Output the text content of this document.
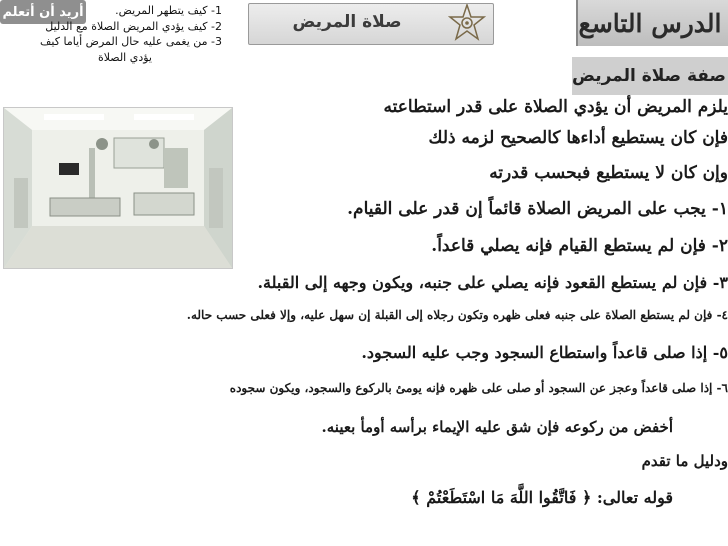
أريد أن أتعلم	1- كيف يتطهر المريض.
2- كيف يؤدي المريض الصلاة مع الدليل
3- من يغمى عليه حال المرض أياما كيف
يؤدي الصلاة
صلاة المريض	الدرس التاسع
صفة صلاة المريض
يلزم المريض أن يؤدي الصلاة على قدر استطاعته
فإن كان يستطيع أداءها كالصحيح لزمه ذلك
وإن كان لا يستطيع فبحسب قدرته
١- يجب على المريض الصلاة قائماً إن قدر على القيام.
٢- فإن لم يستطع القيام فإنه يصلي قاعداً.
٣- فإن لم يستطع القعود فإنه يصلي على جنبه، ويكون وجهه إلى القبلة.
٤- فإن لم يستطع الصلاة على جنبه فعلى ظهره وتكون رجلاه إلى القبلة إن سهل عليه، وإلا فعلى حسب حاله.
٥- إذا صلى قاعداً واستطاع السجود وجب عليه السجود.
٦- إذا صلى قاعداً وعجز عن السجود أو صلى على ظهره فإنه يومئ بالركوع والسجود، ويكون سجوده
أخفض من ركوعه فإن شق عليه الإيماء برأسه أومأ بعينه.
ودليل ما تقدم
قوله تعالى: ﴿ فَاتَّقُوا اللَّهَ مَا اسْتَطَعْتُمْ ﴾
